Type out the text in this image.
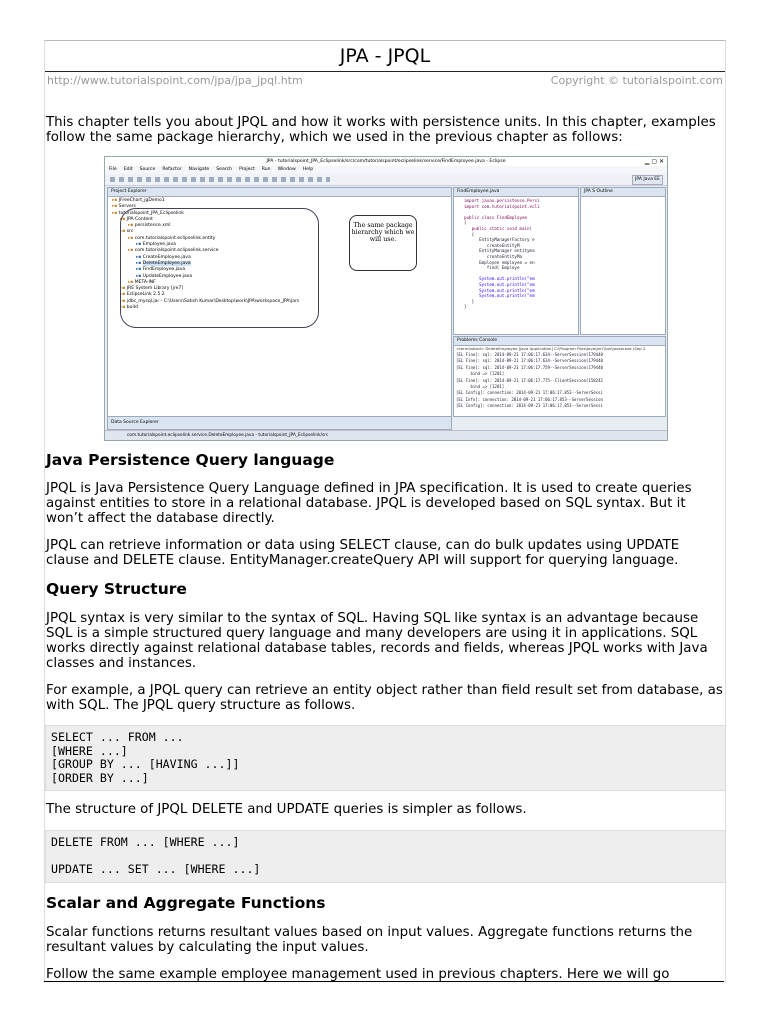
JPA - JPQL
http://www.tutorialspoint.com/jpa/jpa_jpql.htm	Copyright © tutorialspoint.com
This chapter tells you about JPQL and how it works with persistence units. In this chapter, examples follow the same package hierarchy, which we used in the previous chapter as follows:
JPA - tutorialspoint_JPA_Eclipselink/src/com/tutorialspoint/eclipselink/service/FindEmployee.java - Eclipse	▁ ▢ ✕
File Edit Source Refactor Navigate Search Project Run Window Help
JPA Java EE
Project Explorer
▸▪ JFreeChart_jgDemo1
▸▪ Servers
▸▪ tutorialspoint_JPA_Eclipselink
▸▪ JPA Content
▸▪ persistence.xml
▸▪ src
▸▪ com.tutorialspoint.eclipselink.entity
▸▪ Employee.java
▸▪ com.tutorialspoint.eclipselink.service
▸▪ CreateEmployee.java
▸▪ DeleteEmployee.java
▸▪ FindEmployee.java
▸▪ UpdateEmployee.java
▸▪ META-INF
▸▪ JRE System Library [jre7]
▸▪ EclipseLink 2.5.2
▸▪ jdbc_mysql.jar - C:\Users\Satish Kumar\Desktop\work\JPA\workspace_JPA\jars
▸▪ build
The same package hierarchy which we will use.
FindEmployee.java
import javax.persistence.Persi
import com.tutorialspoint.ecli
public class FindEmployee
{
public static void main(
{
EntityManagerFactory e
createEntityM
EntityManager entityma
createEntityMa
Employee employee = en
find( Employe
System.out.println("em
System.out.println("em
System.out.println("em
System.out.println("em
}
}
JPA S Outline
Problems Console
<terminated> DeleteEmployee [Java Application] C:\Program Files\Java\jre7\bin\javaw.exe (Sep 2
[EL Fine]: sql: 2014-09-21 17:06:17.634--ServerSession(179440
[EL Fine]: sql: 2014-09-21 17:06:17.634--ServerSession(179440
[EL Fine]: sql: 2014-09-21 17:06:17.759--ServerSession(179440
bind => [1201]
[EL Fine]: sql: 2014-09-21 17:06:17.775--ClientSession(158242
bind => [1201]
[EL Config]: connection: 2014-09-21 17:06:17.853--ServerSessi
[EL Info]: connection: 2014-09-21 17:06:17.853--ServerSession
[EL Config]: connection: 2014-09-21 17:06:17.853--ServerSessi
Data Source Explorer
com.tutorialspoint.eclipselink.service.DeleteEmployee.java - tutorialspoint_JPA_Eclipselink/src
Java Persistence Query language
JPQL is Java Persistence Query Language defined in JPA specification. It is used to create queries against entities to store in a relational database. JPQL is developed based on SQL syntax. But it won’t affect the database directly.
JPQL can retrieve information or data using SELECT clause, can do bulk updates using UPDATE clause and DELETE clause. EntityManager.createQuery API will support for querying language.
Query Structure
JPQL syntax is very similar to the syntax of SQL. Having SQL like syntax is an advantage because SQL is a simple structured query language and many developers are using it in applications. SQL works directly against relational database tables, records and fields, whereas JPQL works with Java classes and instances.
For example, a JPQL query can retrieve an entity object rather than field result set from database, as with SQL. The JPQL query structure as follows.
SELECT ... FROM ...
[WHERE ...]
[GROUP BY ... [HAVING ...]]
[ORDER BY ...]
The structure of JPQL DELETE and UPDATE queries is simpler as follows.
DELETE FROM ... [WHERE ...]

UPDATE ... SET ... [WHERE ...]
Scalar and Aggregate Functions
Scalar functions returns resultant values based on input values. Aggregate functions returns the resultant values by calculating the input values.
Follow the same example employee management used in previous chapters. Here we will go
